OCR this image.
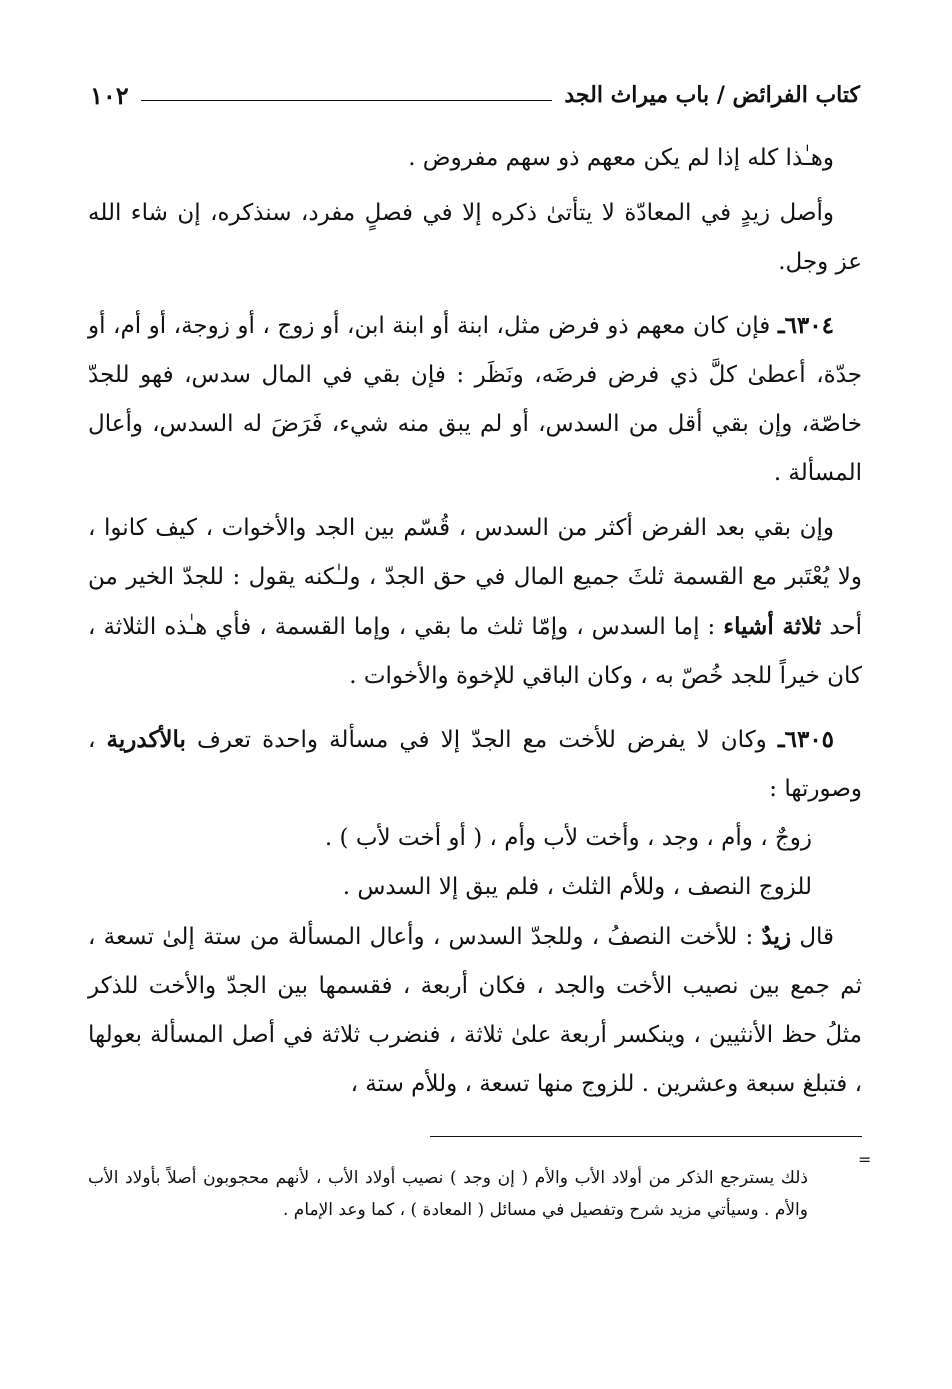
كتاب الفرائض / باب ميراث الجد
١٠٢

وهـٰذا كله إذا لم يكن معهم ذو سهم مفروض .

وأصل زيدٍ في المعادّة لا يتأتىٰ ذكره إلا في فصلٍ مفرد، سنذكره، إن شاء الله عز وجل.

٦٣٠٤ـ فإن كان معهم ذو فرض مثل، ابنة أو ابنة ابن، أو زوج ، أو زوجة، أو أم، أو جدّة، أعطىٰ كلَّ ذي فرض فرضَه، ونَظَر : فإن بقي في المال سدس، فهو للجدّ خاصّة، وإن بقي أقل من السدس، أو لم يبق منه شيء، فَرَضَ له السدس، وأعال المسألة .

وإن بقي بعد الفرض أكثر من السدس ، قُسّم بين الجد والأخوات ، كيف كانوا ، ولا يُعْتَبر مع القسمة ثلثَ جميع المال في حق الجدّ ، ولـٰكنه يقول : للجدّ الخير من أحد ثلاثة أشياء : إما السدس ، وإمّا ثلث ما بقي ، وإما القسمة ، فأي هـٰذه الثلاثة ، كان خيراً للجد خُصّ به ، وكان الباقي للإخوة والأخوات .

٦٣٠٥ـ وكان لا يفرض للأخت مع الجدّ إلا في مسألة واحدة تعرف بالأكدرية ، وصورتها :

زوجٌ ، وأم ، وجد ، وأخت لأب وأم ، ( أو أخت لأب ) .

للزوج النصف ، وللأم الثلث ، فلم يبق إلا السدس .

قال زيدٌ : للأخت النصفُ ، وللجدّ السدس ، وأعال المسألة من ستة إلىٰ تسعة ، ثم جمع بين نصيب الأخت والجد ، فكان أربعة ، فقسمها بين الجدّ والأخت للذكر مثلُ حظ الأنثيين ، وينكسر أربعة علىٰ ثلاثة ، فنضرب ثلاثة في أصل المسألة بعولها ، فتبلغ سبعة وعشرين . للزوج منها تسعة ، وللأم ستة ،

=

ذلك يسترجع الذكر من أولاد الأب والأم ( إن وجد ) نصيب أولاد الأب ، لأنهم محجوبون أصلاً بأولاد الأب والأم . وسيأتي مزيد شرح وتفصيل في مسائل ( المعادة ) ، كما وعد الإمام .
